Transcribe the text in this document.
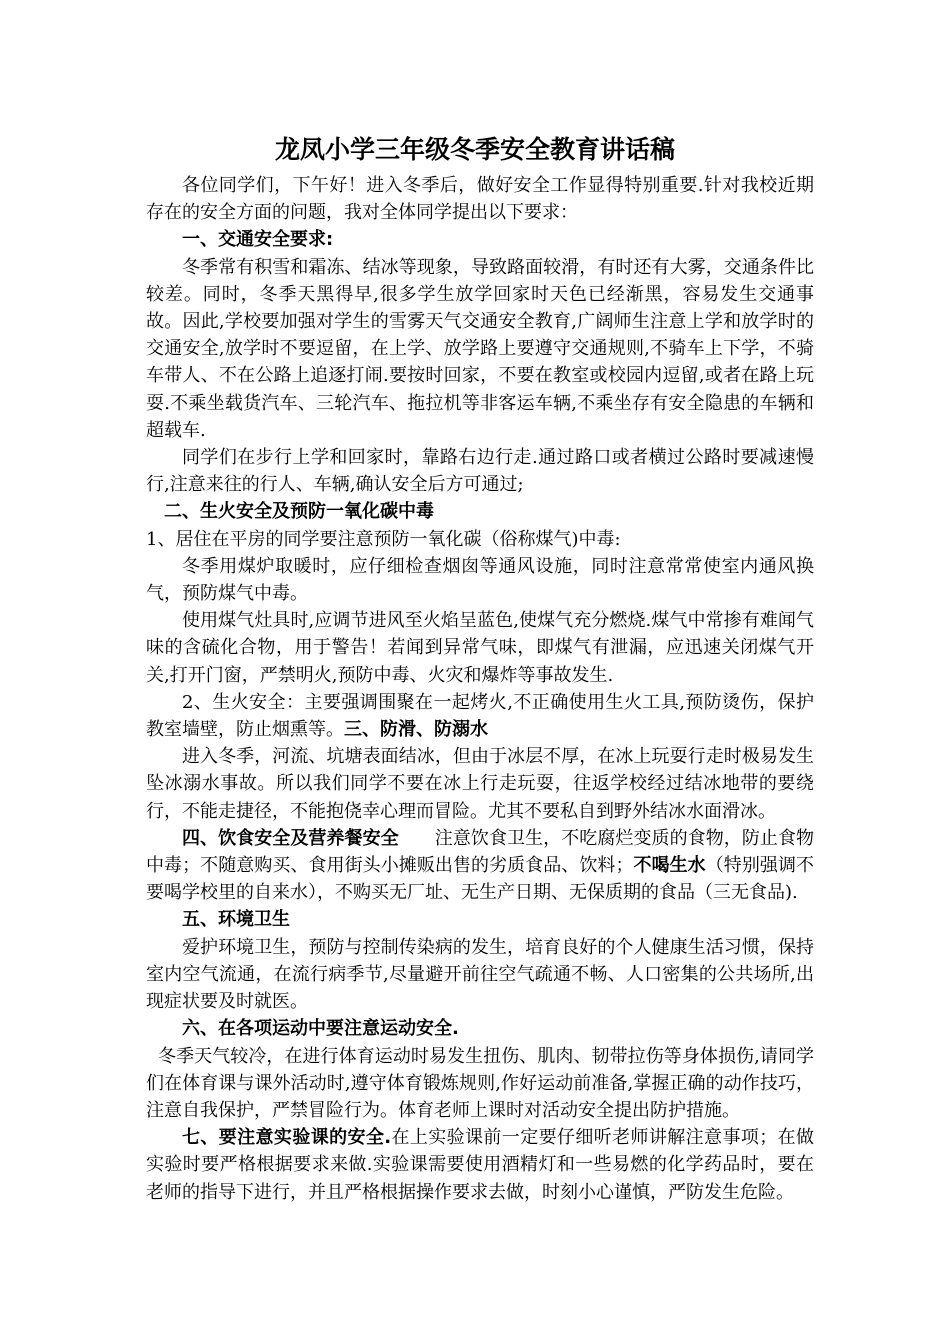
龙凤小学三年级冬季安全教育讲话稿

各位同学们，下午好！进入冬季后，做好安全工作显得特别重要.针对我校近期存在的安全方面的问题，我对全体同学提出以下要求：

一、交通安全要求:

冬季常有积雪和霜冻、结冰等现象，导致路面较滑，有时还有大雾，交通条件比较差。同时，冬季天黑得早,很多学生放学回家时天色已经渐黑，容易发生交通事故。因此,学校要加强对学生的雪雾天气交通安全教育,广阔师生注意上学和放学时的交通安全,放学时不要逗留，在上学、放学路上要遵守交通规则,不骑车上下学，不骑车带人、不在公路上追逐打闹.要按时回家，不要在教室或校园内逗留,或者在路上玩耍.不乘坐载货汽车、三轮汽车、拖拉机等非客运车辆,不乘坐存有安全隐患的车辆和超载车.

同学们在步行上学和回家时，靠路右边行走.通过路口或者横过公路时要减速慢行,注意来往的行人、车辆,确认安全后方可通过;

二、生火安全及预防一氧化碳中毒

1、居住在平房的同学要注意预防一氧化碳（俗称煤气)中毒:

冬季用煤炉取暖时，应仔细检查烟囱等通风设施，同时注意常常使室内通风换气，预防煤气中毒。

使用煤气灶具时,应调节进风至火焰呈蓝色,使煤气充分燃烧.煤气中常掺有难闻气味的含硫化合物，用于警告！若闻到异常气味，即煤气有泄漏，应迅速关闭煤气开关,打开门窗，严禁明火,预防中毒、火灾和爆炸等事故发生.

2、生火安全：主要强调围聚在一起烤火,不正确使用生火工具,预防烫伤，保护教室墙壁，防止烟熏等。三、防滑、防溺水

进入冬季，河流、坑塘表面结冰，但由于冰层不厚，在冰上玩耍行走时极易发生坠冰溺水事故。所以我们同学不要在冰上行走玩耍，往返学校经过结冰地带的要绕行，不能走捷径，不能抱侥幸心理而冒险。尤其不要私自到野外结冰水面滑冰。

四、饮食安全及营养餐安全 注意饮食卫生，不吃腐烂变质的食物，防止食物中毒；不随意购买、食用街头小摊贩出售的劣质食品、饮料；不喝生水（特别强调不要喝学校里的自来水），不购买无厂址、无生产日期、无保质期的食品（三无食品).

五、环境卫生

爱护环境卫生，预防与控制传染病的发生，培育良好的个人健康生活习惯，保持室内空气流通，在流行病季节,尽量避开前往空气疏通不畅、人口密集的公共场所,出现症状要及时就医。

六、在各项运动中要注意运动安全.

冬季天气较冷，在进行体育运动时易发生扭伤、肌肉、韧带拉伤等身体损伤,请同学们在体育课与课外活动时,遵守体育锻炼规则,作好运动前准备,掌握正确的动作技巧，注意自我保护，严禁冒险行为。体育老师上课时对活动安全提出防护措施。

七、要注意实验课的安全.在上实验课前一定要仔细听老师讲解注意事项；在做实验时要严格根据要求来做.实验课需要使用酒精灯和一些易燃的化学药品时，要在老师的指导下进行，并且严格根据操作要求去做，时刻小心谨慎，严防发生危险。
